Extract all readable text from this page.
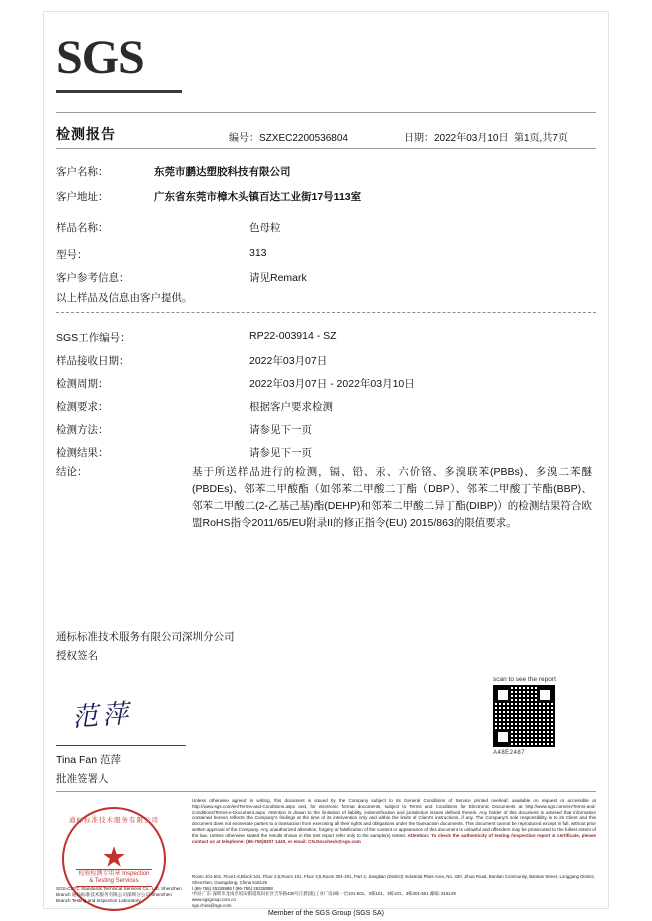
SGS
检测报告	编号：SZXEC2200536804	日期：2022年03月10日 第1页,共7页
客户名称：	东莞市鹏达塑胶科技有限公司
客户地址：	广东省东莞市樟木头镇百达工业街17号113室
样品名称：	色母粒
型号：	313
客户参考信息：	请见Remark
以上样品及信息由客户提供。
SGS工作编号：	RP22-003914 - SZ
样品接收日期：	2022年03月07日
检测周期：	2022年03月07日 - 2022年03月10日
检测要求：	根据客户要求检测
检测方法：	请参见下一页
检测结果：	请参见下一页
结论：	基于所送样品进行的检测，镉、铅、汞、六价铬、多溴联苯(PBBs)、多溴二苯醚(PBDEs)、邻苯二甲酸酯（如邻苯二甲酸二丁酯（DBP）、邻苯二甲酸丁苄酯(BBP)、邻苯二甲酸二(2-乙基己基)酯(DEHP)和邻苯二甲酸二异丁酯(DIBP)）的检测结果符合欧盟RoHS指令2011/65/EU附录II的修正指令(EU) 2015/863的限值要求。
通标标准技术服务有限公司深圳分公司
授权签名
范萍
Tina Fan 范萍
批准签署人
scan to see the report
A48E2487
Unless otherwise agreed in writing, this document is issued by the Company subject to its General Conditions of Service printed overleaf, available on request or accessible at http://www.sgs.com/en/Terms-and-Conditions.aspx and, for electronic format documents, subject to Terms and Conditions for Electronic Documents at http://www.sgs.com/en/Terms-and-Conditions/Terms-e-Document.aspx. Attention is drawn to the limitation of liability, indemnification and jurisdiction issues defined therein. Any holder of this document is advised that information contained hereon reflects the Company's findings at the time of its intervention only and within the limits of Client's instructions, if any. The Company's sole responsibility is to its Client and this document does not exonerate parties to a transaction from exercising all their rights and obligations under the transaction documents. This document cannot be reproduced except in full, without prior written approval of the Company. Any unauthorized alteration, forgery or falsification of the content or appearance of this document is unlawful and offenders may be prosecuted to the fullest extent of the law. Unless otherwise stated the results shown in this test report refer only to the sample(s) tested. Attention: To check the authenticity of testing /inspection report & certificate, please contact us at telephone: (86-755)8307 1443, or email: CN.Doccheck@sgs.com
Room 101-601, Floor1-6,Block 101, Floor 2,5,Room 101, Floor 3,5,Room 301-401, Part 2, Jiangtian (District) Industrial Plant Area, No. 430, Jihua Road, Bantian Community, Bantian Street, Longgang District, Shenzhen, Guangdong, China 518129
t (86-755) 25328888 f (86-755) 25328888
中国·广东·深圳市龙岗区坂田街道坂田社区吉华路430号江碧(康)工业厂房2栋一层101-601、3栋101、3栋101、3栋301-501 邮编: 518129
www.sgsgroup.com.cn
sgs.china@sgs.com
Member of the SGS Group (SGS SA)
通标标准技术服务有限公司
★
检验检测专用章 Inspection & Testing Services
SGS-CSTC Standards Technical Services Co., Ltd. Shenzhen Branch 通标标准技术服务有限公司深圳分公司 Shenzhen Branch Testing and Inspection Laboratory
